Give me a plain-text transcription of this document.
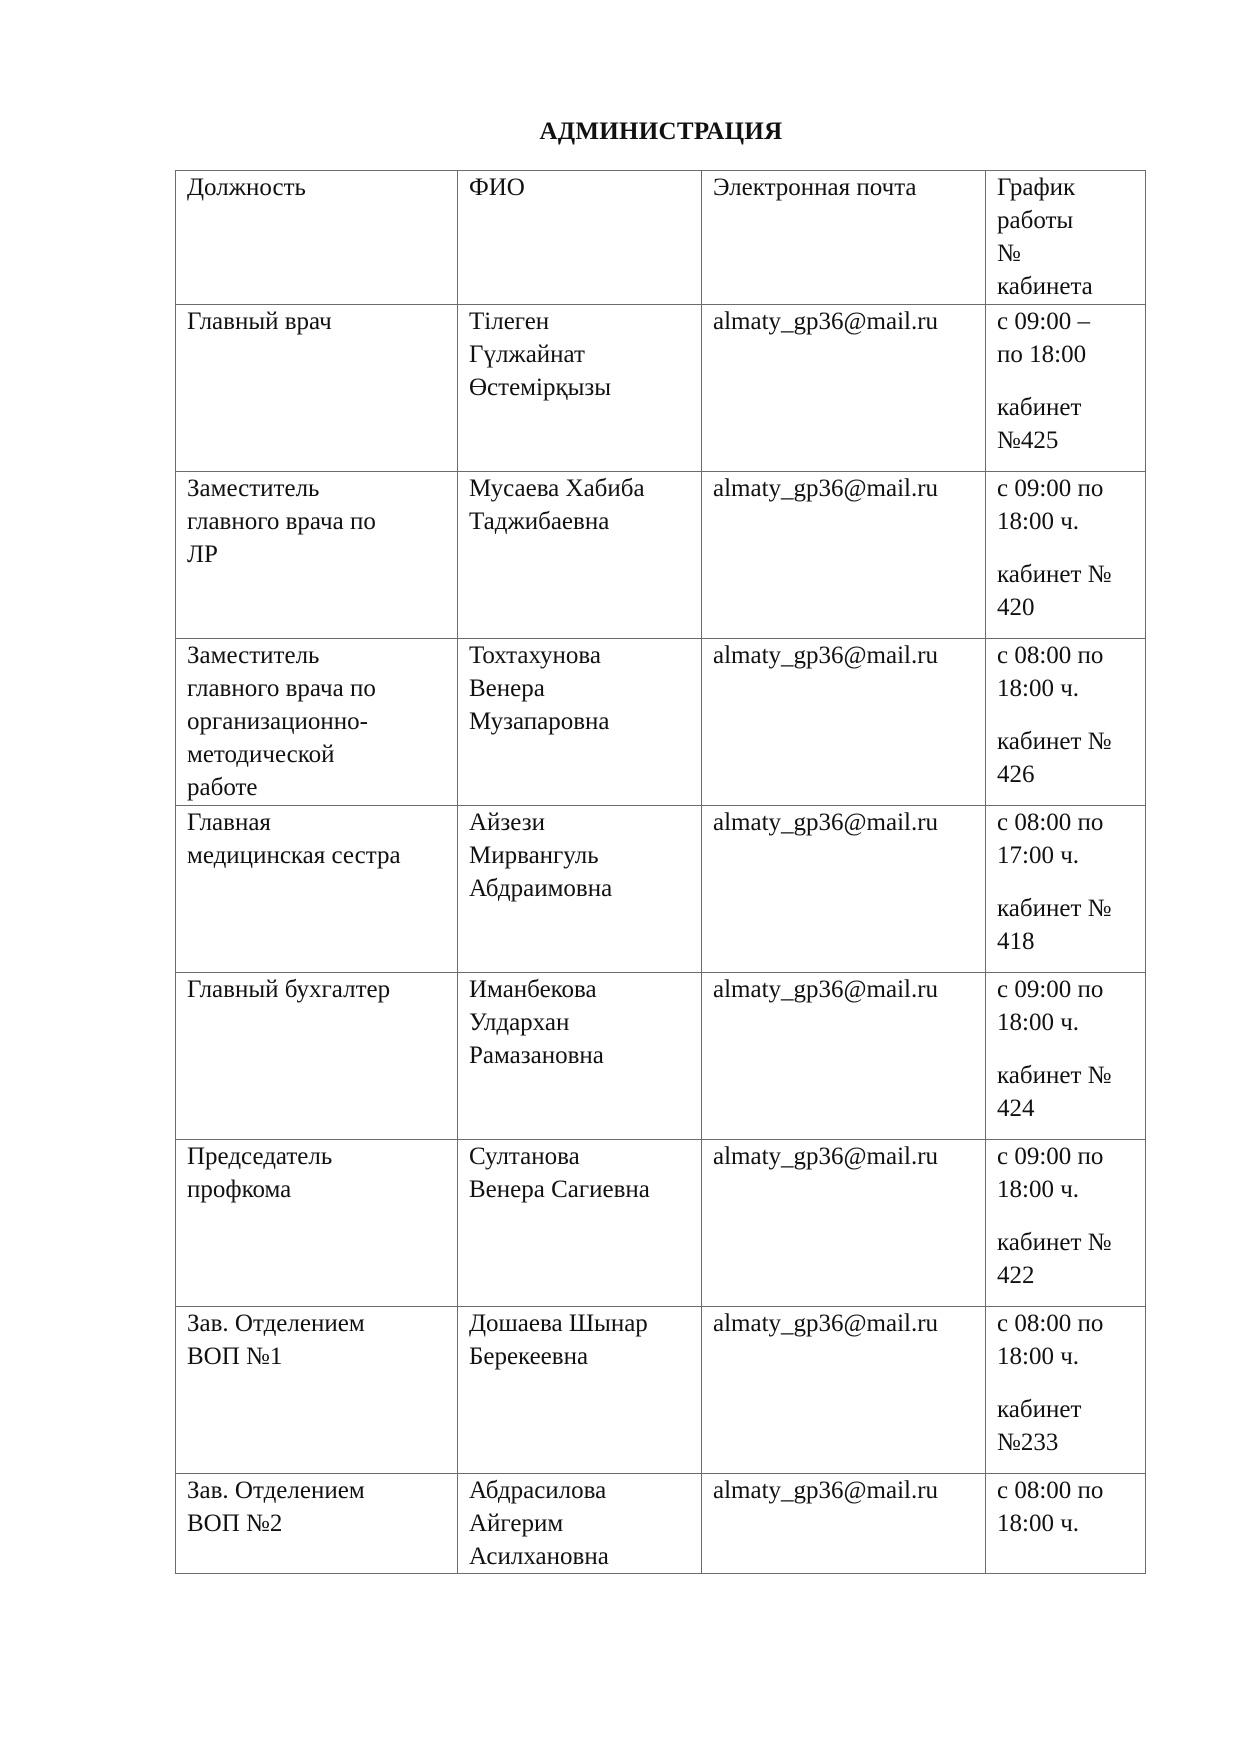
АДМИНИСТРАЦИЯ
Должность	ФИО	Электронная почта	График
работы
№
кабинета

Главный врач	Тілеген
Гүлжайнат
Өстемірқызы	almaty_gp36@mail.ru	с 09:00 –
по 18:00
кабинет
№425

Заместитель
главного врача по
ЛР	Мусаева Хабиба
Таджибаевна	almaty_gp36@mail.ru	с 09:00 по
18:00 ч.
кабинет №
420

Заместитель
главного врача по
организационно-
методической
работе	Тохтахунова
Венера
Музапаровна	almaty_gp36@mail.ru	с 08:00 по
18:00 ч.
кабинет №
426

Главная
медицинская сестра	Айзези
Мирвангуль
Абдраимовна	almaty_gp36@mail.ru	с 08:00 по
17:00 ч.
кабинет №
418

Главный бухгалтер	Иманбекова
Улдархан
Рамазановна	almaty_gp36@mail.ru	с 09:00 по
18:00 ч.
кабинет №
424

Председатель
профкома	Султанова
Венера Сагиевна	almaty_gp36@mail.ru	с 09:00 по
18:00 ч.
кабинет №
422

Зав. Отделением
ВОП №1	Дошаева Шынар
Берекеевна	almaty_gp36@mail.ru	с 08:00 по
18:00 ч.
кабинет
№233

Зав. Отделением
ВОП №2	Абдрасилова
Айгерим
Асилхановна	almaty_gp36@mail.ru	с 08:00 по
18:00 ч.
